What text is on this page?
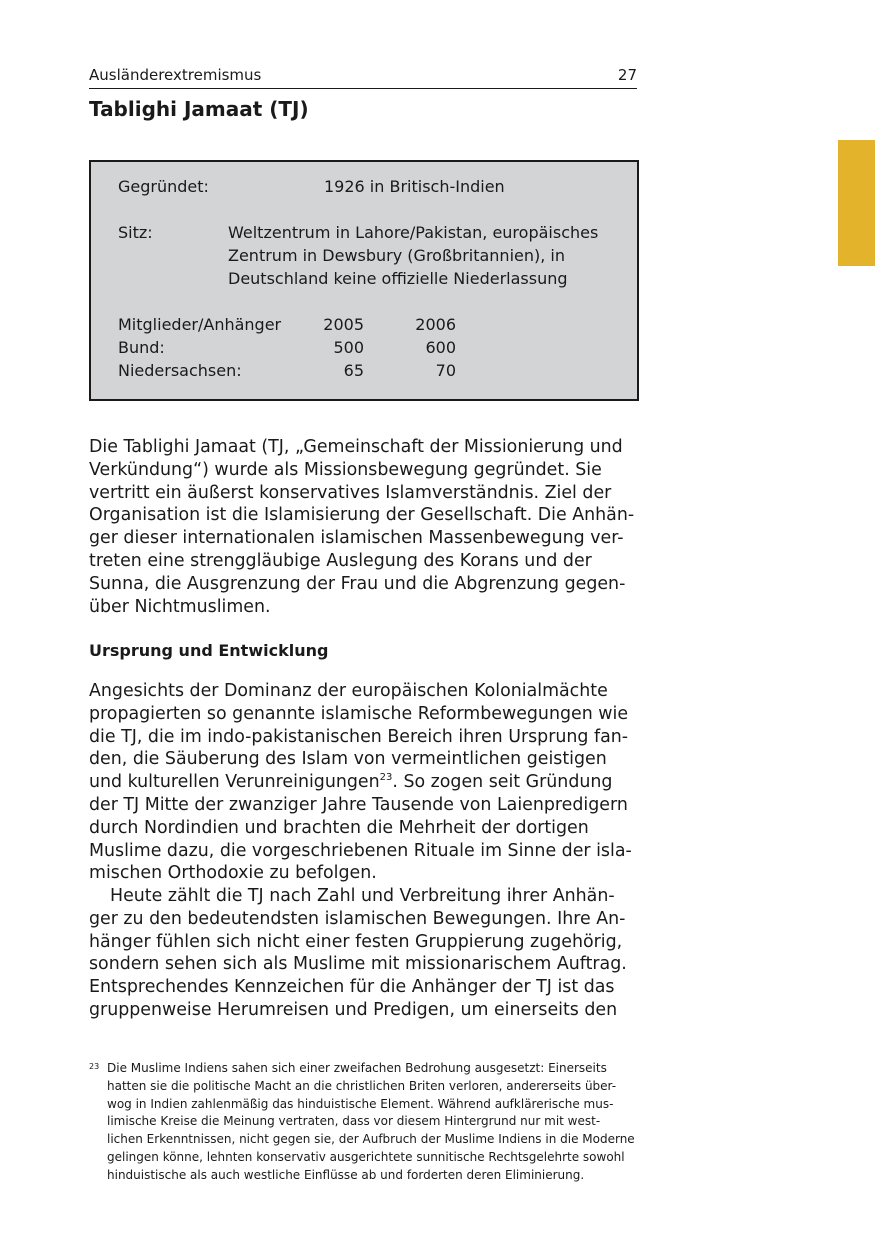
Ausländerextremismus	27
Tablighi Jamaat (TJ)
Gegründet:	1926 in Britisch-Indien
Sitz:	Weltzentrum in Lahore/Pakistan, europäisches
Zentrum in Dewsbury (Großbritannien), in
Deutschland keine offizielle Niederlassung
Mitglieder/Anhänger	2005	2006
Bund:	500	600
Niedersachsen:	65	70

Die Tablighi Jamaat (TJ, „Gemeinschaft der Missionierung und
Verkündung“) wurde als Missionsbewegung gegründet. Sie
vertritt ein äußerst konservatives Islamverständnis. Ziel der
Organisation ist die Islamisierung der Gesellschaft. Die Anhän-
ger dieser internationalen islamischen Massenbewegung ver-
treten eine strenggläubige Auslegung des Korans und der
Sunna, die Ausgrenzung der Frau und die Abgrenzung gegen-
über Nichtmuslimen.

Ursprung und Entwicklung

Angesichts der Dominanz der europäischen Kolonialmächte
propagierten so genannte islamische Reformbewegungen wie
die TJ, die im indo-pakistanischen Bereich ihren Ursprung fan-
den, die Säuberung des Islam von vermeintlichen geistigen
und kulturellen Verunreinigungen$^{23}$. So zogen seit Gründung
der TJ Mitte der zwanziger Jahre Tausende von Laienpredigern
durch Nordindien und brachten die Mehrheit der dortigen
Muslime dazu, die vorgeschriebenen Rituale im Sinne der isla-
mischen Orthodoxie zu befolgen.

Heute zählt die TJ nach Zahl und Verbreitung ihrer Anhän-
ger zu den bedeutendsten islamischen Bewegungen. Ihre An-
hänger fühlen sich nicht einer festen Gruppierung zugehörig,
sondern sehen sich als Muslime mit missionarischem Auftrag.
Entsprechendes Kennzeichen für die Anhänger der TJ ist das
gruppenweise Herumreisen und Predigen, um einerseits den

23 Die Muslime Indiens sahen sich einer zweifachen Bedrohung ausgesetzt: Einerseits
hatten sie die politische Macht an die christlichen Briten verloren, andererseits über-
wog in Indien zahlenmäßig das hinduistische Element. Während aufklärerische mus-
limische Kreise die Meinung vertraten, dass vor diesem Hintergrund nur mit west-
lichen Erkenntnissen, nicht gegen sie, der Aufbruch der Muslime Indiens in die Moderne
gelingen könne, lehnten konservativ ausgerichtete sunnitische Rechtsgelehrte sowohl
hinduistische als auch westliche Einflüsse ab und forderten deren Eliminierung.
